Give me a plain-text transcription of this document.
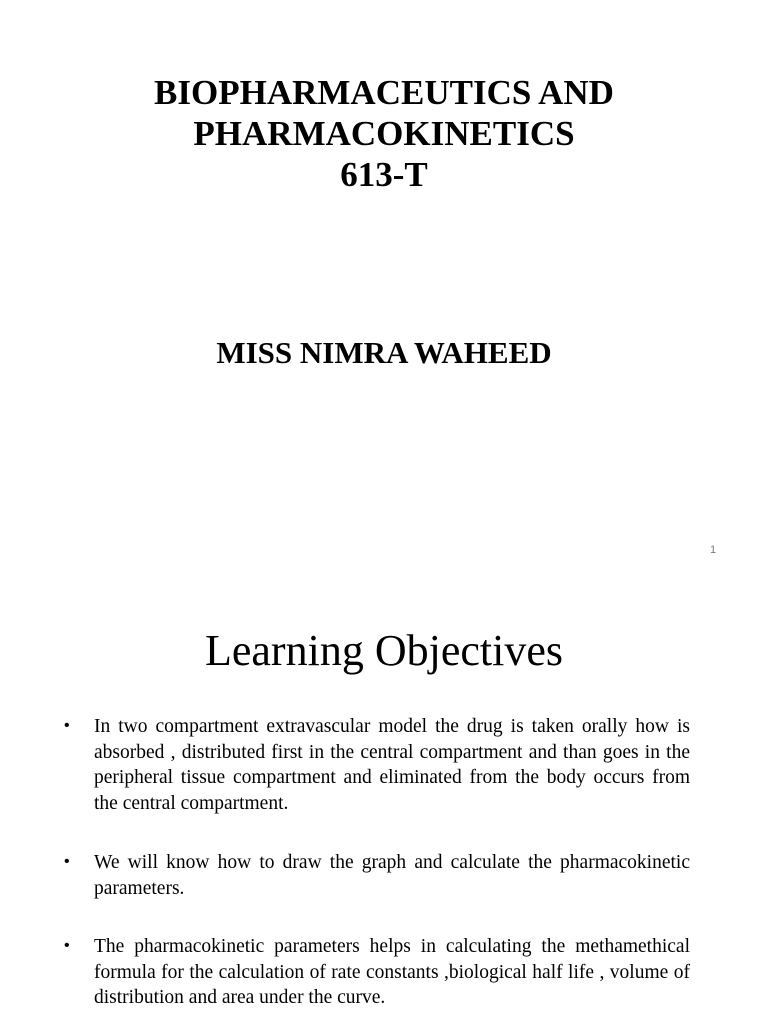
BIOPHARMACEUTICS AND
PHARMACOKINETICS
613-T
MISS NIMRA WAHEED
1
Learning Objectives
• In two compartment extravascular model the drug is taken orally how is absorbed , distributed first in the central compartment and than goes in the peripheral tissue compartment and eliminated from the body occurs from the central compartment.
• We will know how to draw the graph and calculate the pharmacokinetic parameters.
• The pharmacokinetic parameters helps in calculating the methamethical formula for the calculation of rate constants ,biological half life , volume of distribution and area under the curve.
